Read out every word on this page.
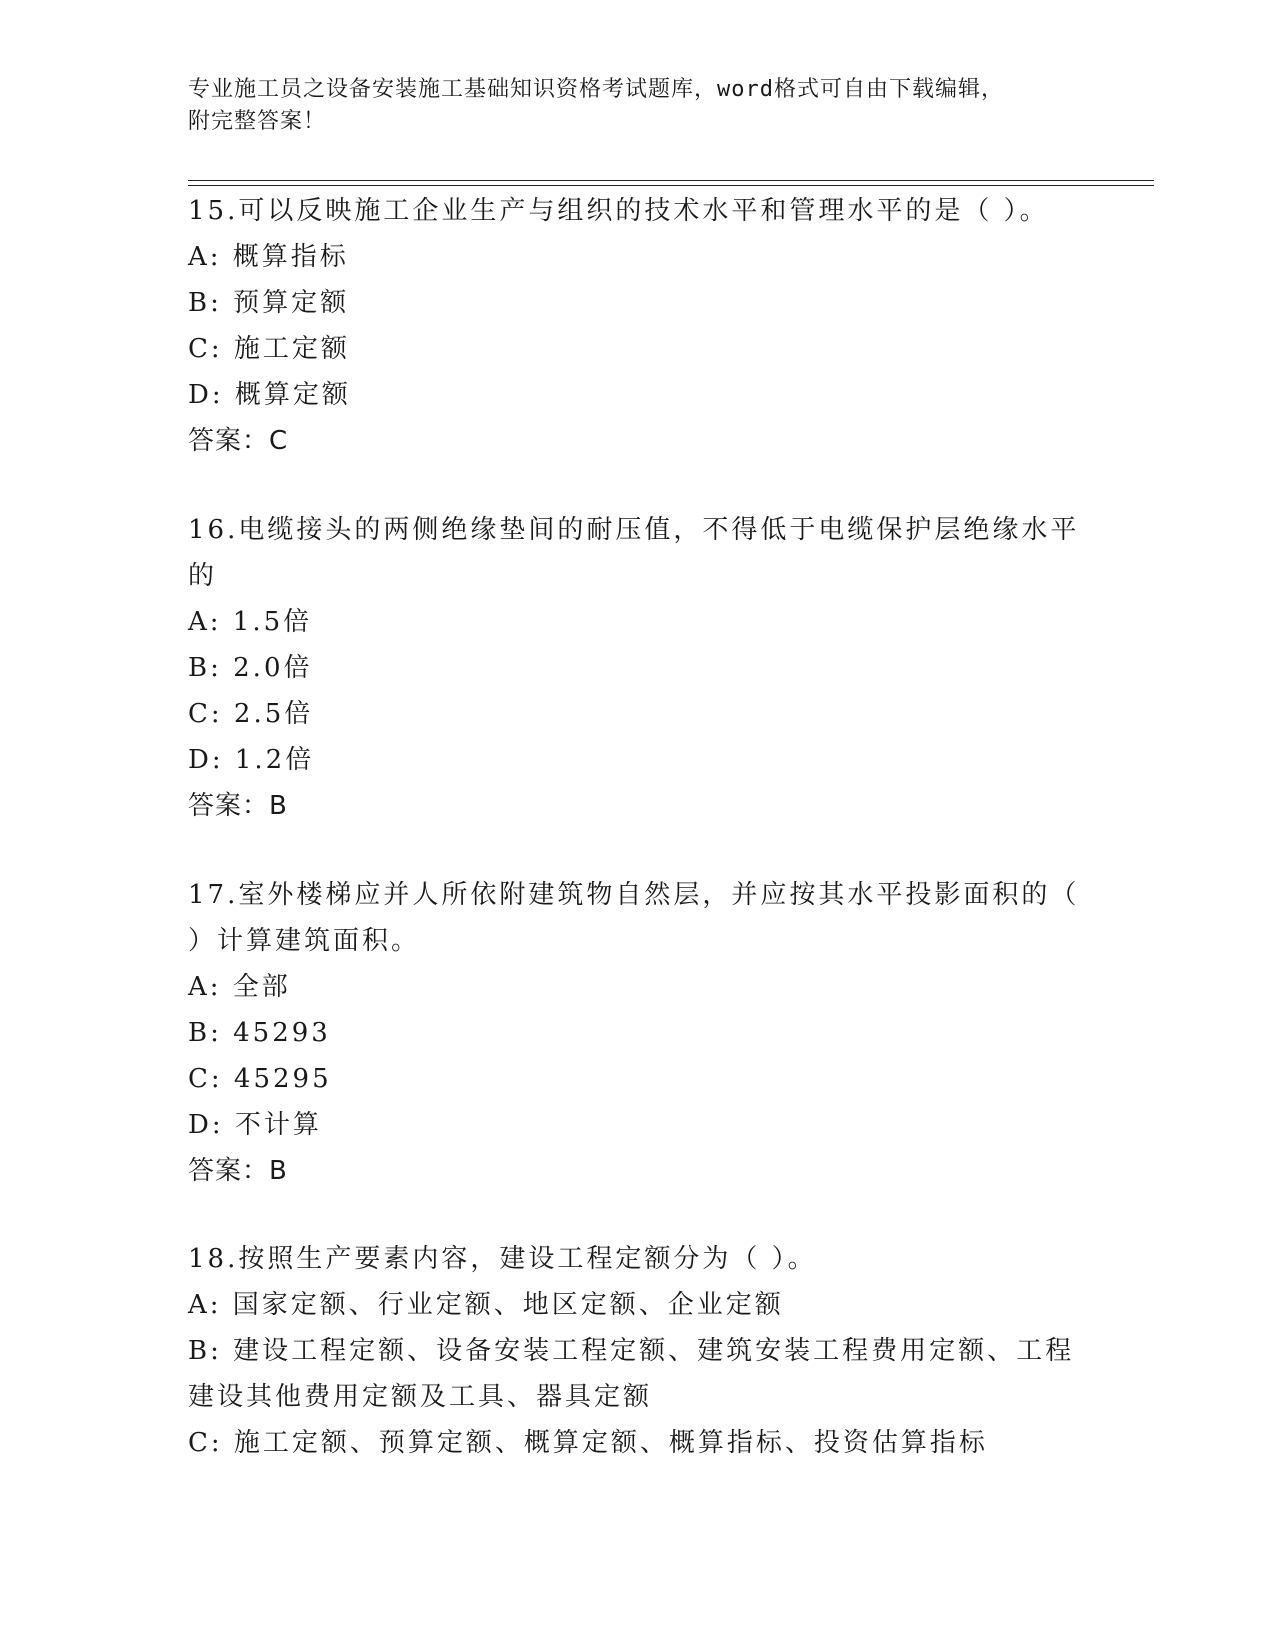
专业施工员之设备安装施工基础知识资格考试题库，word格式可自由下载编辑，
附完整答案！
15.可以反映施工企业生产与组织的技术水平和管理水平的是（ ）。
A: 概算指标
B: 预算定额
C: 施工定额
D: 概算定额
答案：C
16.电缆接头的两侧绝缘垫间的耐压值，不得低于电缆保护层绝缘水平
的
A: 1.5倍
B: 2.0倍
C: 2.5倍
D: 1.2倍
答案：B
17.室外楼梯应并人所依附建筑物自然层，并应按其水平投影面积的（
）计算建筑面积。
A: 全部
B: 45293
C: 45295
D: 不计算
答案：B
18.按照生产要素内容，建设工程定额分为（ ）。
A: 国家定额、行业定额、地区定额、企业定额
B: 建设工程定额、设备安装工程定额、建筑安装工程费用定额、工程
建设其他费用定额及工具、器具定额
C: 施工定额、预算定额、概算定额、概算指标、投资估算指标
